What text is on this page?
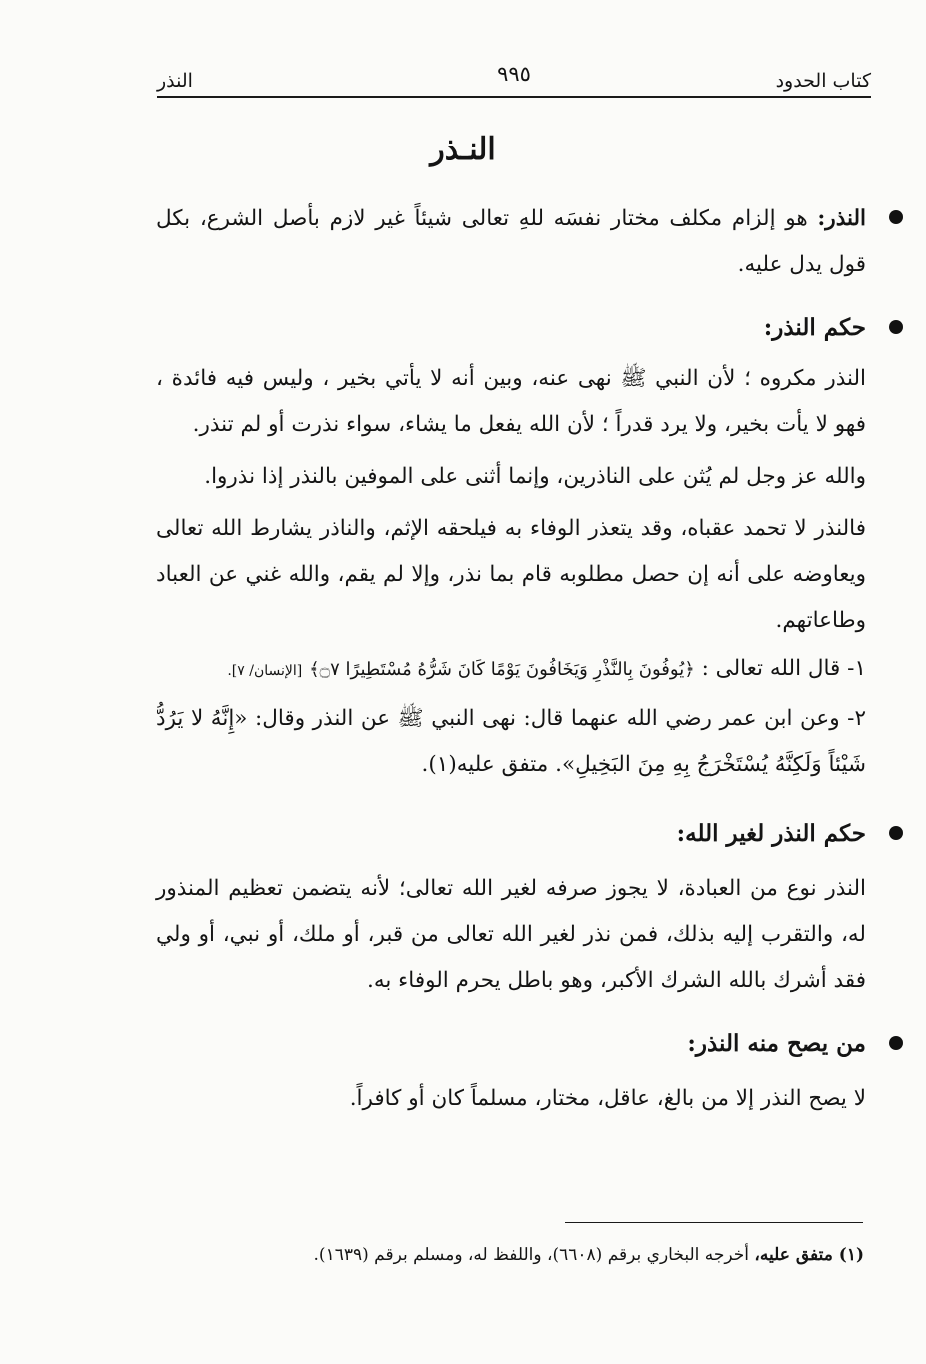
كتاب الحدود
٩٩٥
النذر
النـذر

النذر: هو إلزام مكلف مختار نفسَه للهِ تعالى شيئاً غير لازم بأصل الشرع، بكل قول يدل عليه.

حكم النذر:

النذر مكروه ؛ لأن النبي ﷺ نهى عنه، وبين أنه لا يأتي بخير ، وليس فيه فائدة ، فهو لا يأت بخير، ولا يرد قدراً ؛ لأن الله يفعل ما يشاء، سواء نذرت أو لم تنذر.

والله عز وجل لم يُثن على الناذرين، وإنما أثنى على الموفين بالنذر إذا نذروا.

فالنذر لا تحمد عقباه، وقد يتعذر الوفاء به فيلحقه الإثم، والناذر يشارط الله تعالى ويعاوضه على أنه إن حصل مطلوبه قام بما نذر، وإلا لم يقم، والله غني عن العباد وطاعاتهم.

١- قال الله تعالى : ﴿يُوفُونَ بِالنَّذْرِ وَيَخَافُونَ يَوْمًا كَانَ شَرُّهُ مُسْتَطِيرًا ۝٧﴾ [الإنسان/ ٧].

٢- وعن ابن عمر رضي الله عنهما قال: نهى النبي ﷺ عن النذر وقال: «إِنَّهُ لا يَرُدُّ شَيْئاً وَلَكِنَّهُ يُسْتَخْرَجُ بِهِ مِنَ البَخِيلِ». متفق عليه(١).

حكم النذر لغير الله:

النذر نوع من العبادة، لا يجوز صرفه لغير الله تعالى؛ لأنه يتضمن تعظيم المنذور له، والتقرب إليه بذلك، فمن نذر لغير الله تعالى من قبر، أو ملك، أو نبي، أو ولي فقد أشرك بالله الشرك الأكبر، وهو باطل يحرم الوفاء به.

من يصح منه النذر:

لا يصح النذر إلا من بالغ، عاقل، مختار، مسلماً كان أو كافراً.

(١) متفق عليه، أخرجه البخاري برقم (٦٦٠٨)، واللفظ له، ومسلم برقم (١٦٣٩).
